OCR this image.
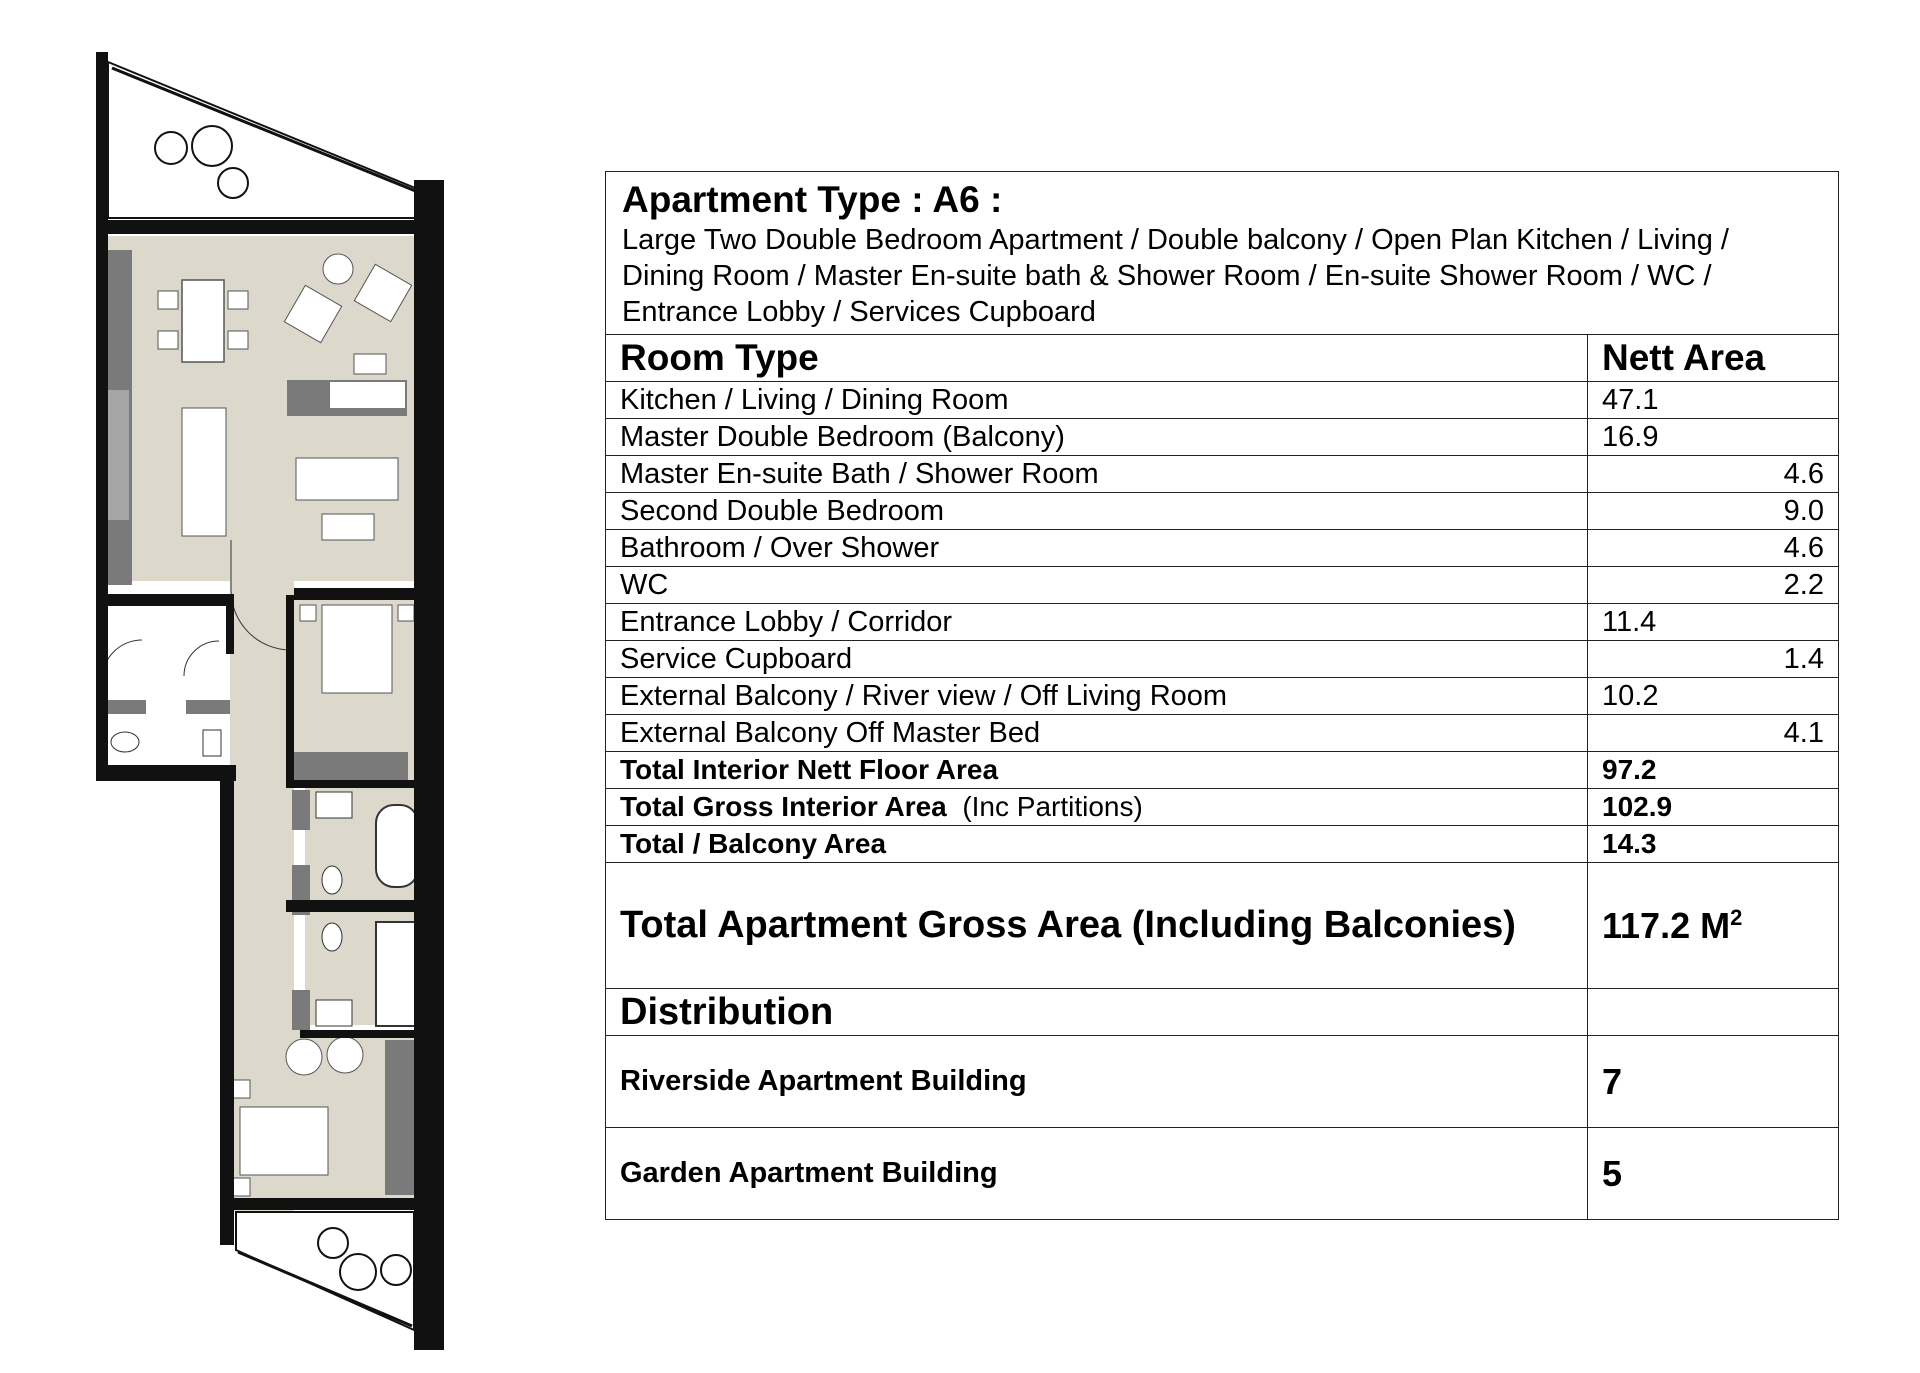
Apartment Type : A6 :
Large Two Double Bedroom Apartment / Double balcony / Open Plan Kitchen / Living /
Dining Room / Master En-suite bath & Shower Room / En-suite Shower Room / WC /
Entrance Lobby / Services Cupboard	

Room Type	Nett Area
Kitchen / Living / Dining Room	47.1
Master Double Bedroom (Balcony)	16.9
Master En-suite Bath / Shower Room	4.6
Second Double Bedroom	9.0
Bathroom / Over Shower	4.6
WC	2.2
Entrance Lobby / Corridor	11.4
Service Cupboard	1.4
External Balcony / River view / Off Living Room	10.2
External Balcony Off Master Bed	4.1
Total Interior Nett Floor Area	97.2
Total Gross Interior Area (Inc Partitions)	102.9
Total / Balcony Area	14.3
Total Apartment Gross Area (Including Balconies)	117.2 $M^2$
Distribution	
Riverside Apartment Building	7
Garden Apartment Building	5
